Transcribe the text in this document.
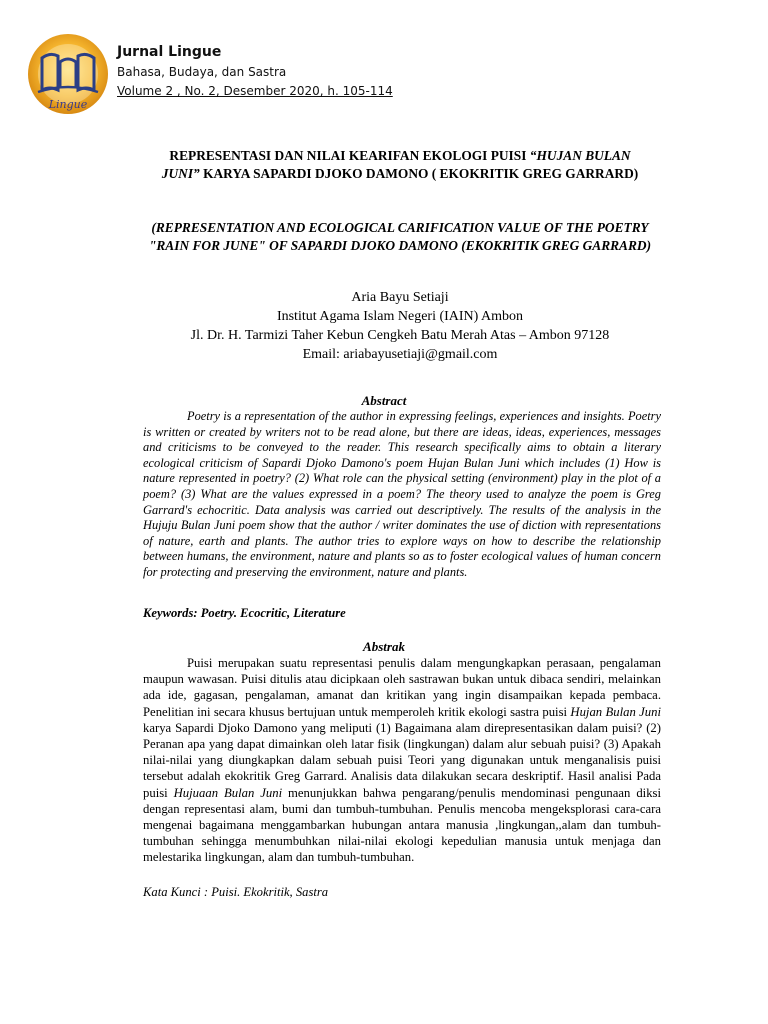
Lingue
Jurnal Lingue
Bahasa, Budaya, dan Sastra
Volume 2 , No. 2, Desember 2020, h. 105-114
REPRESENTASI DAN NILAI KEARIFAN EKOLOGI PUISI “HUJAN BULAN JUNI” KARYA SAPARDI DJOKO DAMONO ( EKOKRITIK GREG GARRARD)
(REPRESENTATION AND ECOLOGICAL CARIFICATION VALUE OF THE POETRY "RAIN FOR JUNE" OF SAPARDI DJOKO DAMONO (EKOKRITIK GREG GARRARD)
Aria Bayu Setiaji
Institut Agama Islam Negeri (IAIN) Ambon
Jl. Dr. H. Tarmizi Taher Kebun Cengkeh Batu Merah Atas – Ambon 97128
Email: ariabayusetiaji@gmail.com
Abstract

Poetry is a representation of the author in expressing feelings, experiences and insights. Poetry is written or created by writers not to be read alone, but there are ideas, ideas, experiences, messages and criticisms to be conveyed to the reader. This research specifically aims to obtain a literary ecological criticism of Sapardi Djoko Damono's poem Hujan Bulan Juni which includes (1) How is nature represented in poetry? (2) What role can the physical setting (environment) play in the plot of a poem? (3) What are the values expressed in a poem? The theory used to analyze the poem is Greg Garrard's echocritic. Data analysis was carried out descriptively. The results of the analysis in the Hujuju Bulan Juni poem show that the author / writer dominates the use of diction with representations of nature, earth and plants. The author tries to explore ways on how to describe the relationship between humans, the environment, nature and plants so as to foster ecological values of human concern for protecting and preserving the environment, nature and plants.

Keywords: Poetry. Ecocritic, Literature
Abstrak

Puisi merupakan suatu representasi penulis dalam mengungkapkan perasaan, pengalaman maupun wawasan. Puisi ditulis atau dicipkaan oleh sastrawan bukan untuk dibaca sendiri, melainkan ada ide, gagasan, pengalaman, amanat dan kritikan yang ingin disampaikan kepada pembaca. Penelitian ini secara khusus bertujuan untuk memperoleh kritik ekologi sastra puisi Hujan Bulan Juni karya Sapardi Djoko Damono yang meliputi (1) Bagaimana alam direpresentasikan dalam puisi? (2) Peranan apa yang dapat dimainkan oleh latar fisik (lingkungan) dalam alur sebuah puisi? (3) Apakah nilai-nilai yang diungkapkan dalam sebuah puisi Teori yang digunakan untuk menganalisis puisi tersebut adalah ekokritik Greg Garrard. Analisis data dilakukan secara deskriptif. Hasil analisi Pada puisi Hujuaan Bulan Juni menunjukkan bahwa pengarang/penulis mendominasi pengunaan diksi dengan representasi alam, bumi dan tumbuh-tumbuhan. Penulis mencoba mengeksplorasi cara-cara mengenai bagaimana menggambarkan hubungan antara manusia ,lingkungan,,alam dan tumbuh-tumbuhan sehingga menumbuhkan nilai-nilai ekologi kepedulian manusia untuk menjaga dan melestarika lingkungan, alam dan tumbuh-tumbuhan.

Kata Kunci : Puisi. Ekokritik, Sastra
